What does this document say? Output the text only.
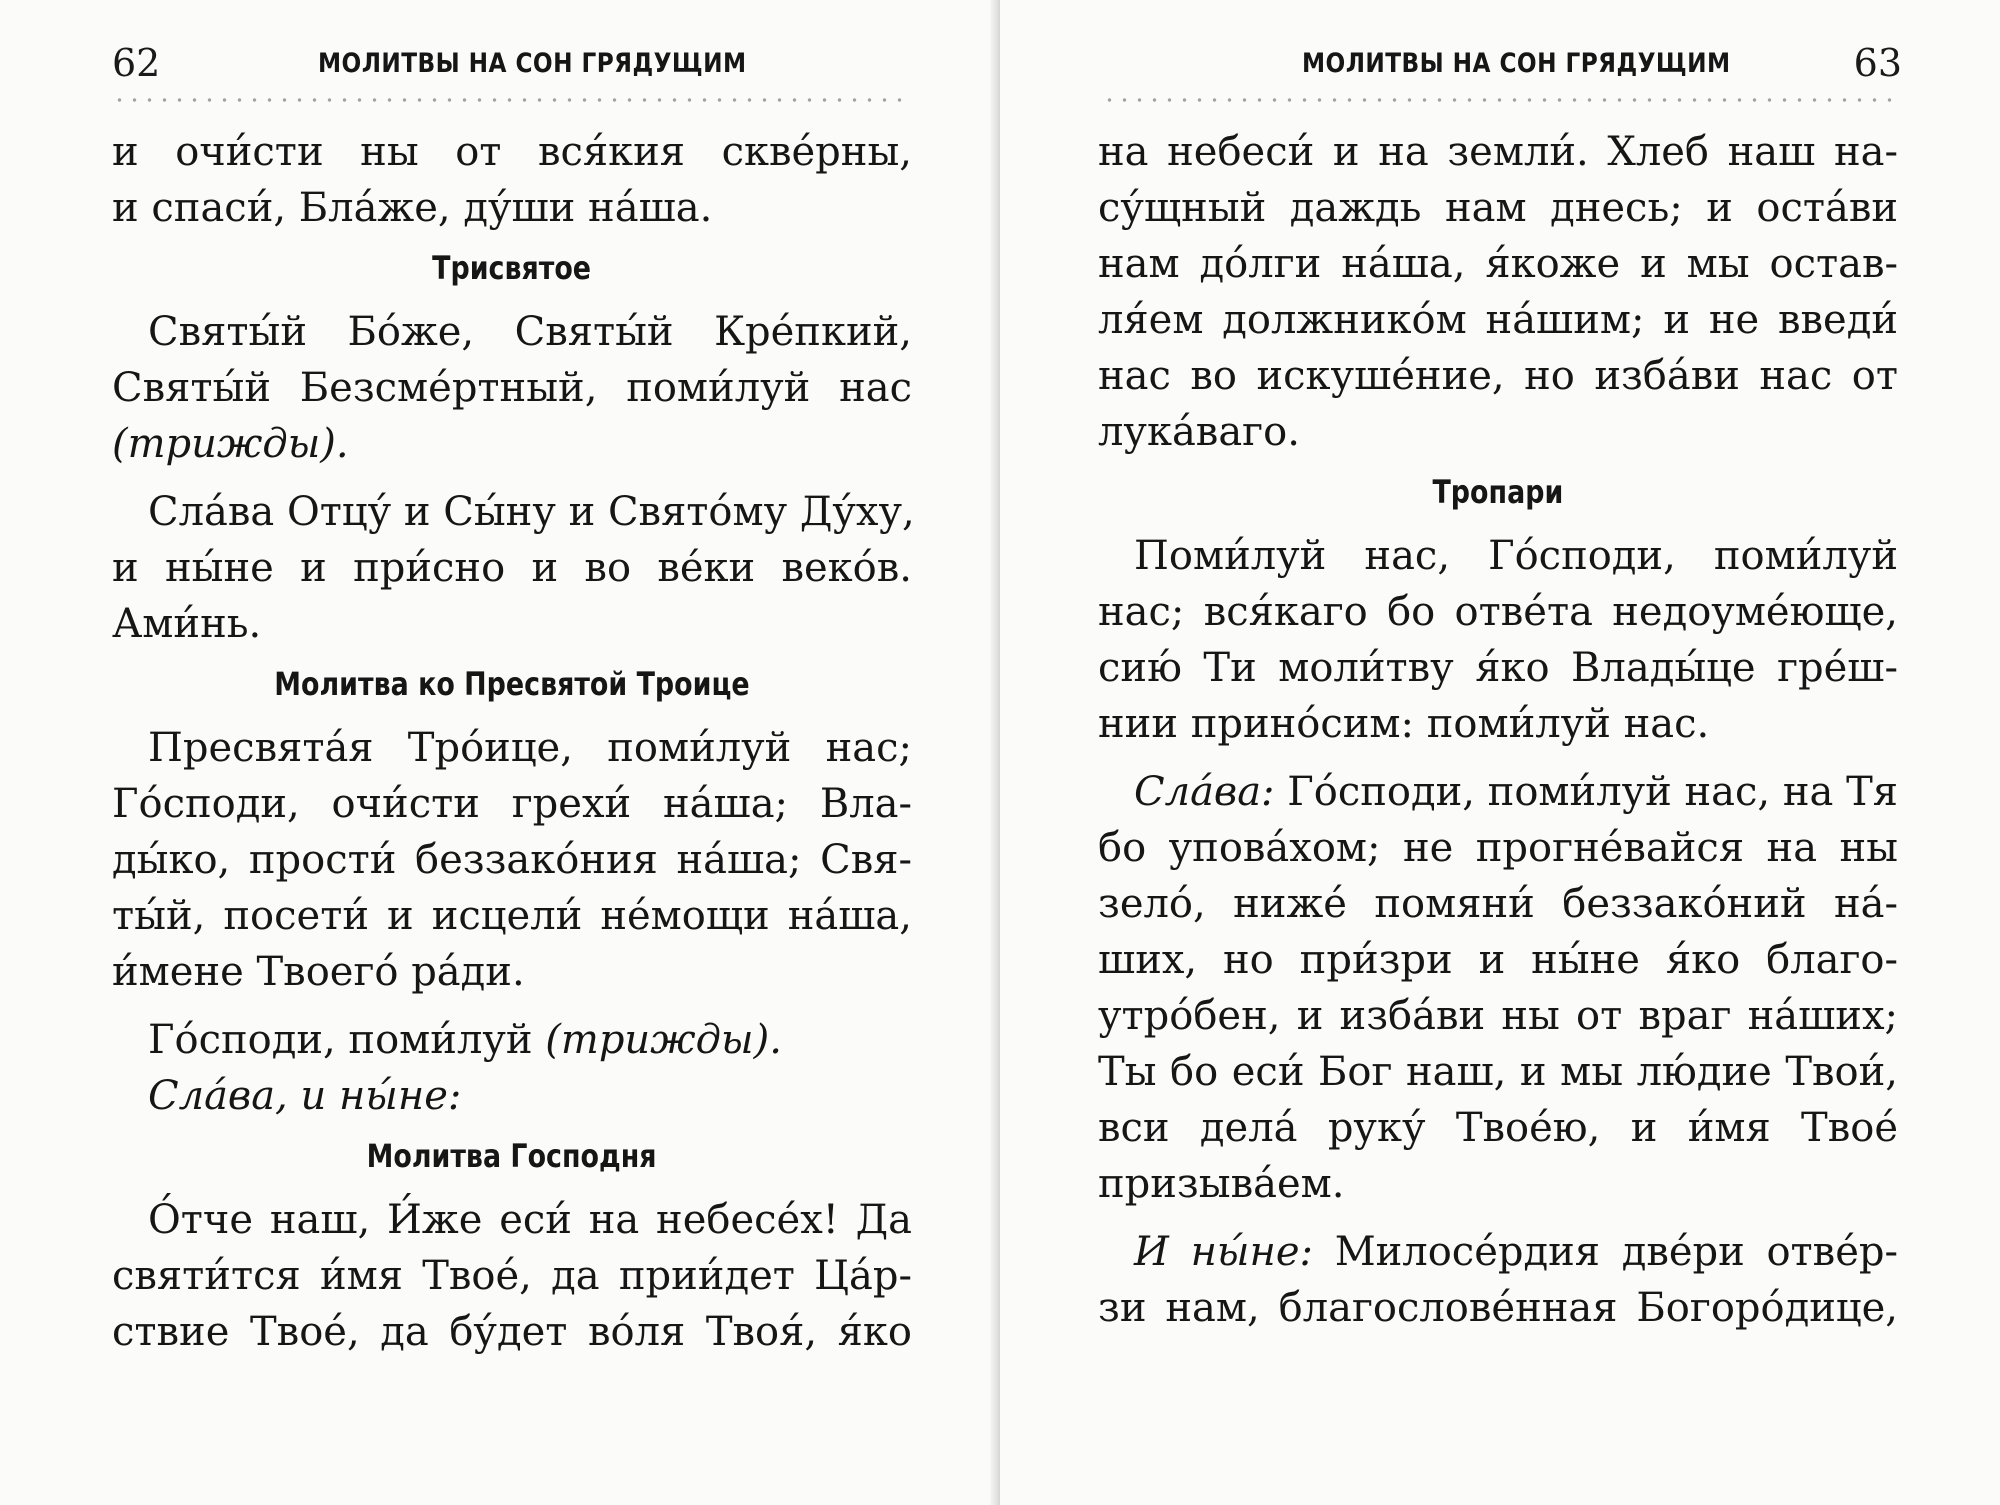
62	МОЛИТВЫ НА СОН ГРЯДУЩИМ
и очи́сти ны от вся́кия скве́рны,
и спаси́, Бла́же, ду́ши на́ша.
Трисвятое
Святы́й Бо́же, Святы́й Кре́пкий,
Святы́й Безсме́ртный, поми́луй нас
(трижды).
Сла́ва Отцу́ и Сы́ну и Свято́му Ду́ху,
и ны́не и при́сно и во ве́ки веко́в.
Ами́нь.
Молитва ко Пресвятой Троице
Пресвята́я Тро́ице, поми́луй нас;
Го́споди, очи́сти грехи́ на́ша; Вла-
ды́ко, прости́ беззако́ния на́ша; Свя-
ты́й, посети́ и исцели́ не́мощи на́ша,
и́мене Твоего́ ра́ди.
Го́споди, поми́луй (трижды).
Сла́ва, и ны́не:
Молитва Господня
О́тче наш, И́же еси́ на небесе́х! Да
святи́тся и́мя Твое́, да прии́дет Ца́р-
ствие Твое́, да бу́дет во́ля Твоя́, я́ко
МОЛИТВЫ НА СОН ГРЯДУЩИМ	63
на небеси́ и на земли́. Хлеб наш на-
су́щный даждь нам днесь; и оста́ви
нам до́лги на́ша, я́коже и мы остав-
ля́ем должнико́м на́шим; и не введи́
нас во искуше́ние, но изба́ви нас от
лука́ваго.
Тропари
Поми́луй нас, Го́споди, поми́луй
нас; вся́каго бо отве́та недоуме́юще,
сию́ Ти моли́тву я́ко Влады́це гре́ш-
нии прино́сим: поми́луй нас.
Сла́ва: Го́споди, поми́луй нас, на Тя
бо упова́хом; не прогне́вайся на ны
зело́, ниже́ помяни́ беззако́ний на́-
ших, но при́зри и ны́не я́ко благо-
утро́бен, и изба́ви ны от враг на́ших;
Ты бо еси́ Бог наш, и мы лю́дие Твои́,
вси дела́ руку́ Твое́ю, и и́мя Твое́
призыва́ем.
И ны́не: Милосе́рдия две́ри отве́р-
зи нам, благослове́нная Богоро́дице,
